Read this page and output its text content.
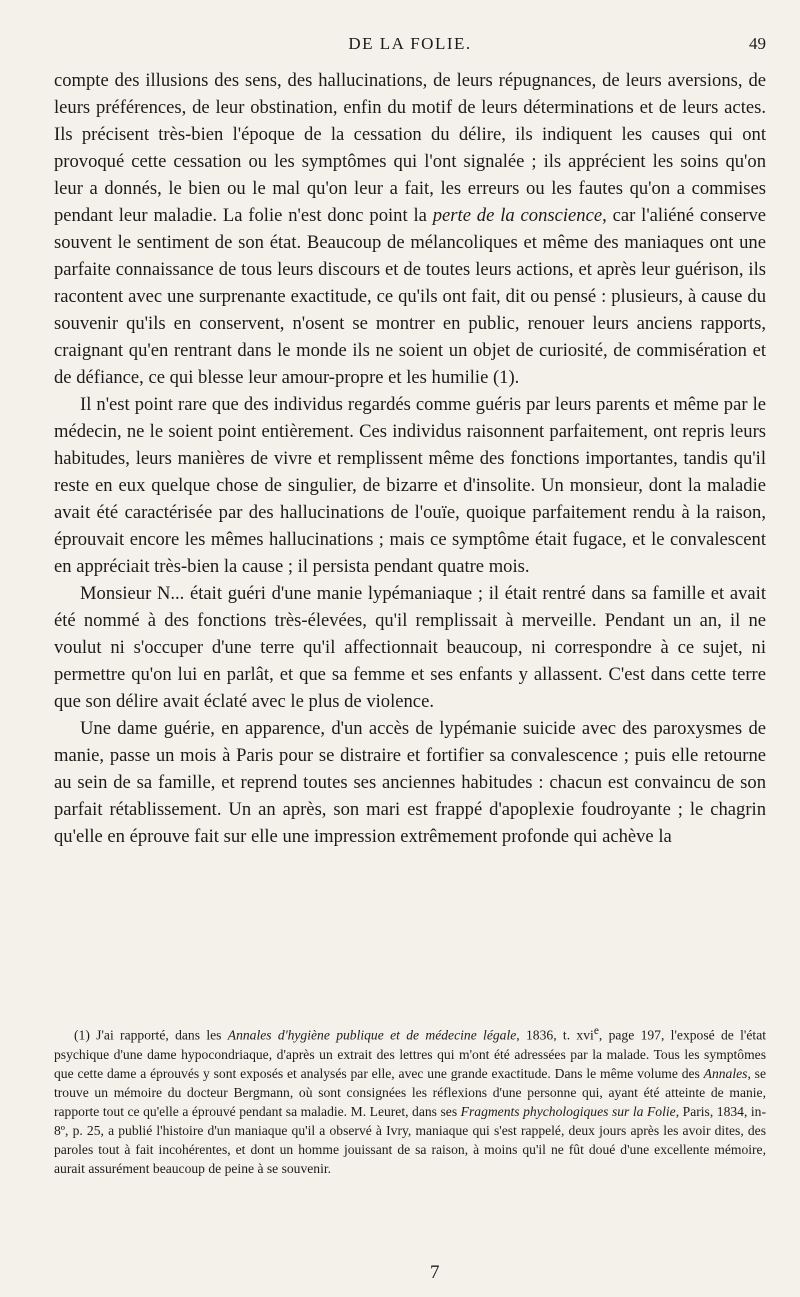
DE LA FOLIE.	49

compte des illusions des sens, des hallucinations, de leurs répugnances, de leurs aversions, de leurs préférences, de leur obstination, enfin du motif de leurs déterminations et de leurs actes. Ils précisent très-bien l'époque de la cessation du délire, ils indiquent les causes qui ont provoqué cette cessation ou les symptômes qui l'ont signalée ; ils apprécient les soins qu'on leur a donnés, le bien ou le mal qu'on leur a fait, les erreurs ou les fautes qu'on a commises pendant leur maladie. La folie n'est donc point la perte de la conscience, car l'aliéné conserve souvent le sentiment de son état. Beaucoup de mélancoliques et même des maniaques ont une parfaite connaissance de tous leurs discours et de toutes leurs actions, et après leur guérison, ils racontent avec une surprenante exactitude, ce qu'ils ont fait, dit ou pensé : plusieurs, à cause du souvenir qu'ils en conservent, n'osent se montrer en public, renouer leurs anciens rapports, craignant qu'en rentrant dans le monde ils ne soient un objet de curiosité, de commisération et de défiance, ce qui blesse leur amour-propre et les humilie (1).

Il n'est point rare que des individus regardés comme guéris par leurs parents et même par le médecin, ne le soient point entièrement. Ces individus raisonnent parfaitement, ont repris leurs habitudes, leurs manières de vivre et remplissent même des fonctions importantes, tandis qu'il reste en eux quelque chose de singulier, de bizarre et d'insolite. Un monsieur, dont la maladie avait été caractérisée par des hallucinations de l'ouïe, quoique parfaitement rendu à la raison, éprouvait encore les mêmes hallucinations ; mais ce symptôme était fugace, et le convalescent en appréciait très-bien la cause ; il persista pendant quatre mois.

Monsieur N... était guéri d'une manie lypémaniaque ; il était rentré dans sa famille et avait été nommé à des fonctions très-élevées, qu'il remplissait à merveille. Pendant un an, il ne voulut ni s'occuper d'une terre qu'il affectionnait beaucoup, ni correspondre à ce sujet, ni permettre qu'on lui en parlât, et que sa femme et ses enfants y allassent. C'est dans cette terre que son délire avait éclaté avec le plus de violence.

Une dame guérie, en apparence, d'un accès de lypémanie suicide avec des paroxysmes de manie, passe un mois à Paris pour se distraire et fortifier sa convalescence ; puis elle retourne au sein de sa famille, et reprend toutes ses anciennes habitudes : chacun est convaincu de son parfait rétablissement. Un an après, son mari est frappé d'apoplexie foudroyante ; le chagrin qu'elle en éprouve fait sur elle une impression extrêmement profonde qui achève la

(1) J'ai rapporté, dans les Annales d'hygiène publique et de médecine légale, 1836, t. xvi$^e$, page 197, l'exposé de l'état psychique d'une dame hypocondriaque, d'après un extrait des lettres qui m'ont été adressées par la malade. Tous les symptômes que cette dame a éprouvés y sont exposés et analysés par elle, avec une grande exactitude. Dans le même volume des Annales, se trouve un mémoire du docteur Bergmann, où sont consignées les réflexions d'une personne qui, ayant été atteinte de manie, rapporte tout ce qu'elle a éprouvé pendant sa maladie. M. Leuret, dans ses Fragments phychologiques sur la Folie, Paris, 1834, in-8º, p. 25, a publié l'histoire d'un maniaque qu'il a observé à Ivry, maniaque qui s'est rappelé, deux jours après les avoir dites, des paroles tout à fait incohérentes, et dont un homme jouissant de sa raison, à moins qu'il ne fût doué d'une excellente mémoire, aurait assurément beaucoup de peine à se souvenir.

7
